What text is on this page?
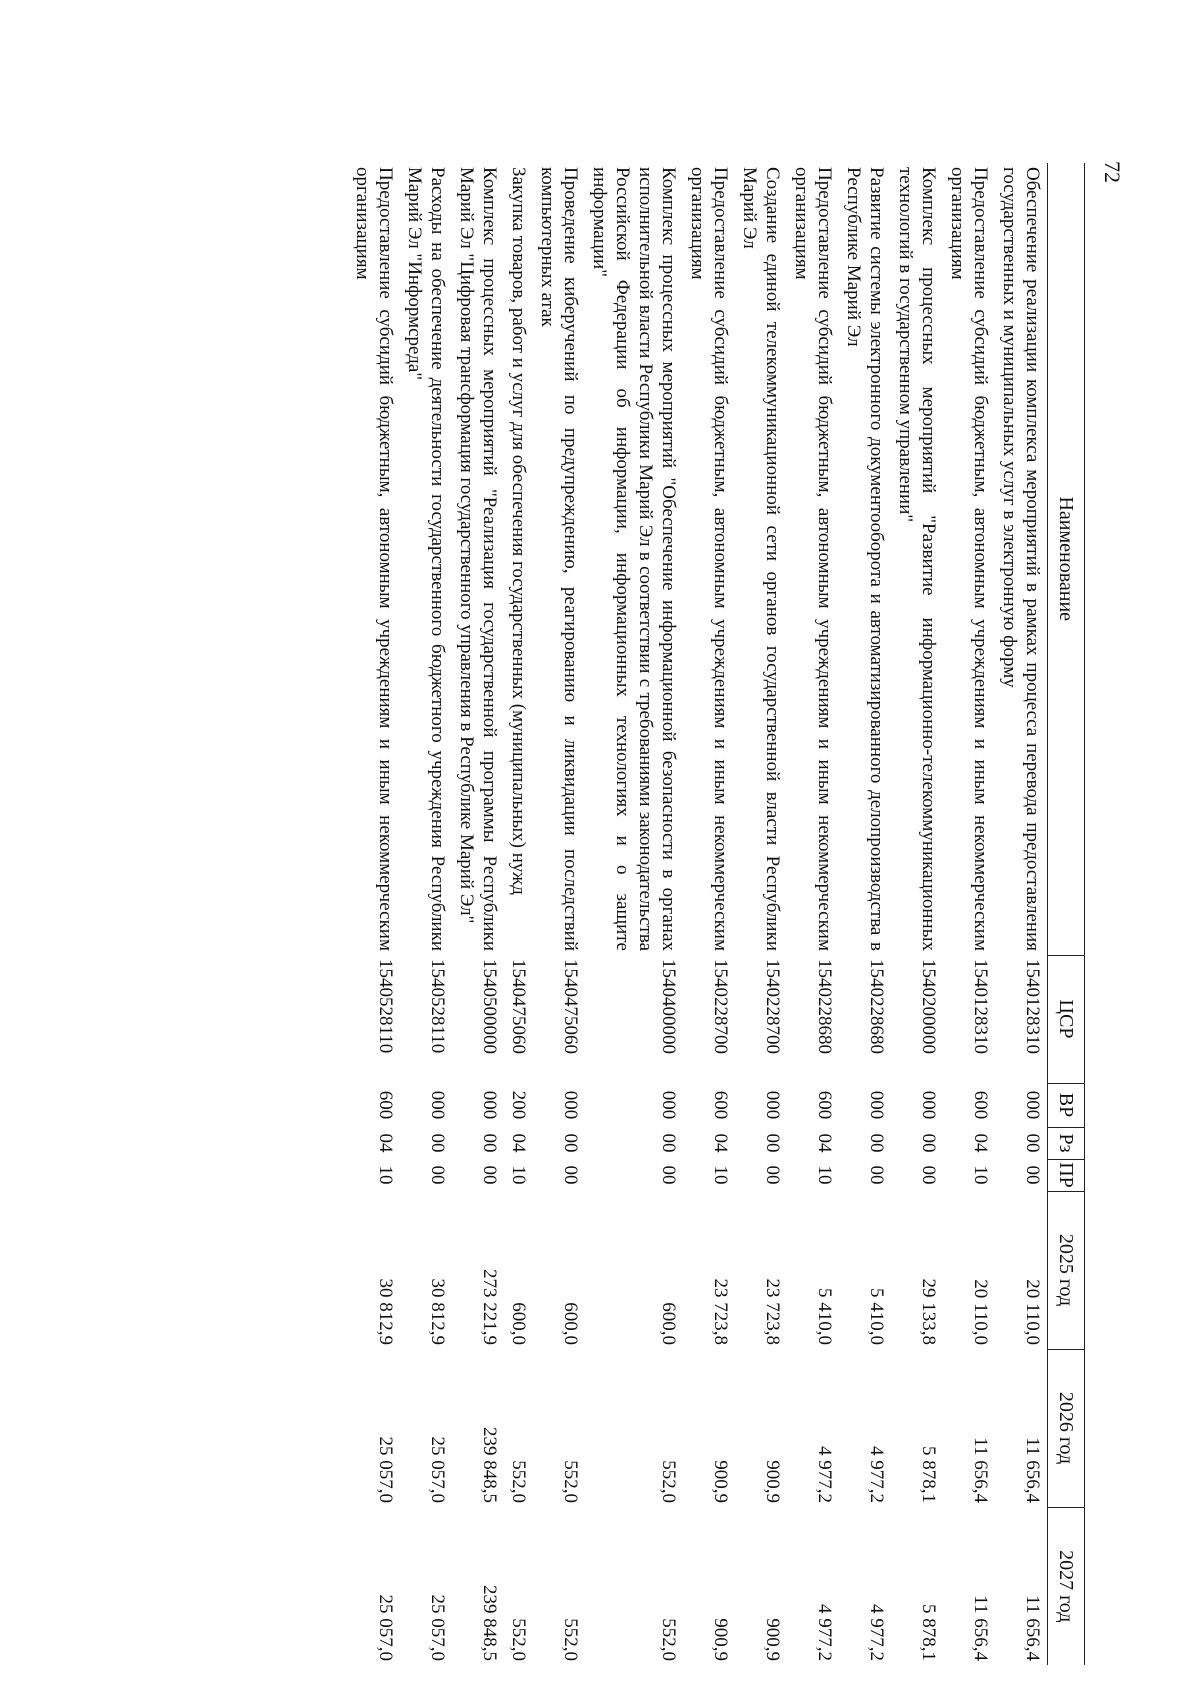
72
Наименование	ЦСР	ВР	Рз	ПР	2025 год	2026 год	2027 год
Обеспечение реализации комплекса мероприятий в рамках процесса перевода предоставления государственных и муниципальных услуг в электронную форму	1540128310	000	00	00	20 110,0	11 656,4	11 656,4
Предоставление субсидий бюджетным, автономным учреждениям и иным некоммерческим организациям	1540128310	600	04	10	20 110,0	11 656,4	11 656,4
Комплекс процессных мероприятий "Развитие информационно-телекоммуникационных технологий в государственном управлении"	1540200000	000	00	00	29 133,8	5 878,1	5 878,1
Развитие системы электронного документооборота и автоматизированного делопроизводства в Республике Марий Эл	1540228680	000	00	00	5 410,0	4 977,2	4 977,2
Предоставление субсидий бюджетным, автономным учреждениям и иным некоммерческим организациям	1540228680	600	04	10	5 410,0	4 977,2	4 977,2
Создание единой телекоммуникационной сети органов государственной власти Республики Марий Эл	1540228700	000	00	00	23 723,8	900,9	900,9
Предоставление субсидий бюджетным, автономным учреждениям и иным некоммерческим организациям	1540228700	600	04	10	23 723,8	900,9	900,9
Комплекс процессных мероприятий "Обеспечение информационной безопасности в органах исполнительной власти Республики Марий Эл в соответствии с требованиями законодательства Российской Федерации об информации, информационных технологиях и о защите информации"	1540400000	000	00	00	600,0	552,0	552,0
Проведение киберучений по предупреждению, реагированию и ликвидации последствий компьютерных атак	1540475060	000	00	00	600,0	552,0	552,0
Закупка товаров, работ и услуг для обеспечения государственных (муниципальных) нужд	1540475060	200	04	10	600,0	552,0	552,0
Комплекс процессных мероприятий "Реализация государственной программы Республики Марий Эл "Цифровая трансформация государственного управления в Республике Марий Эл"	1540500000	000	00	00	273 221,9	239 848,5	239 848,5
Расходы на обеспечение деятельности государственного бюджетного учреждения Республики Марий Эл "Информсреда"	1540528110	000	00	00	30 812,9	25 057,0	25 057,0
Предоставление субсидий бюджетным, автономным учреждениям и иным некоммерческим организациям	1540528110	600	04	10	30 812,9	25 057,0	25 057,0
